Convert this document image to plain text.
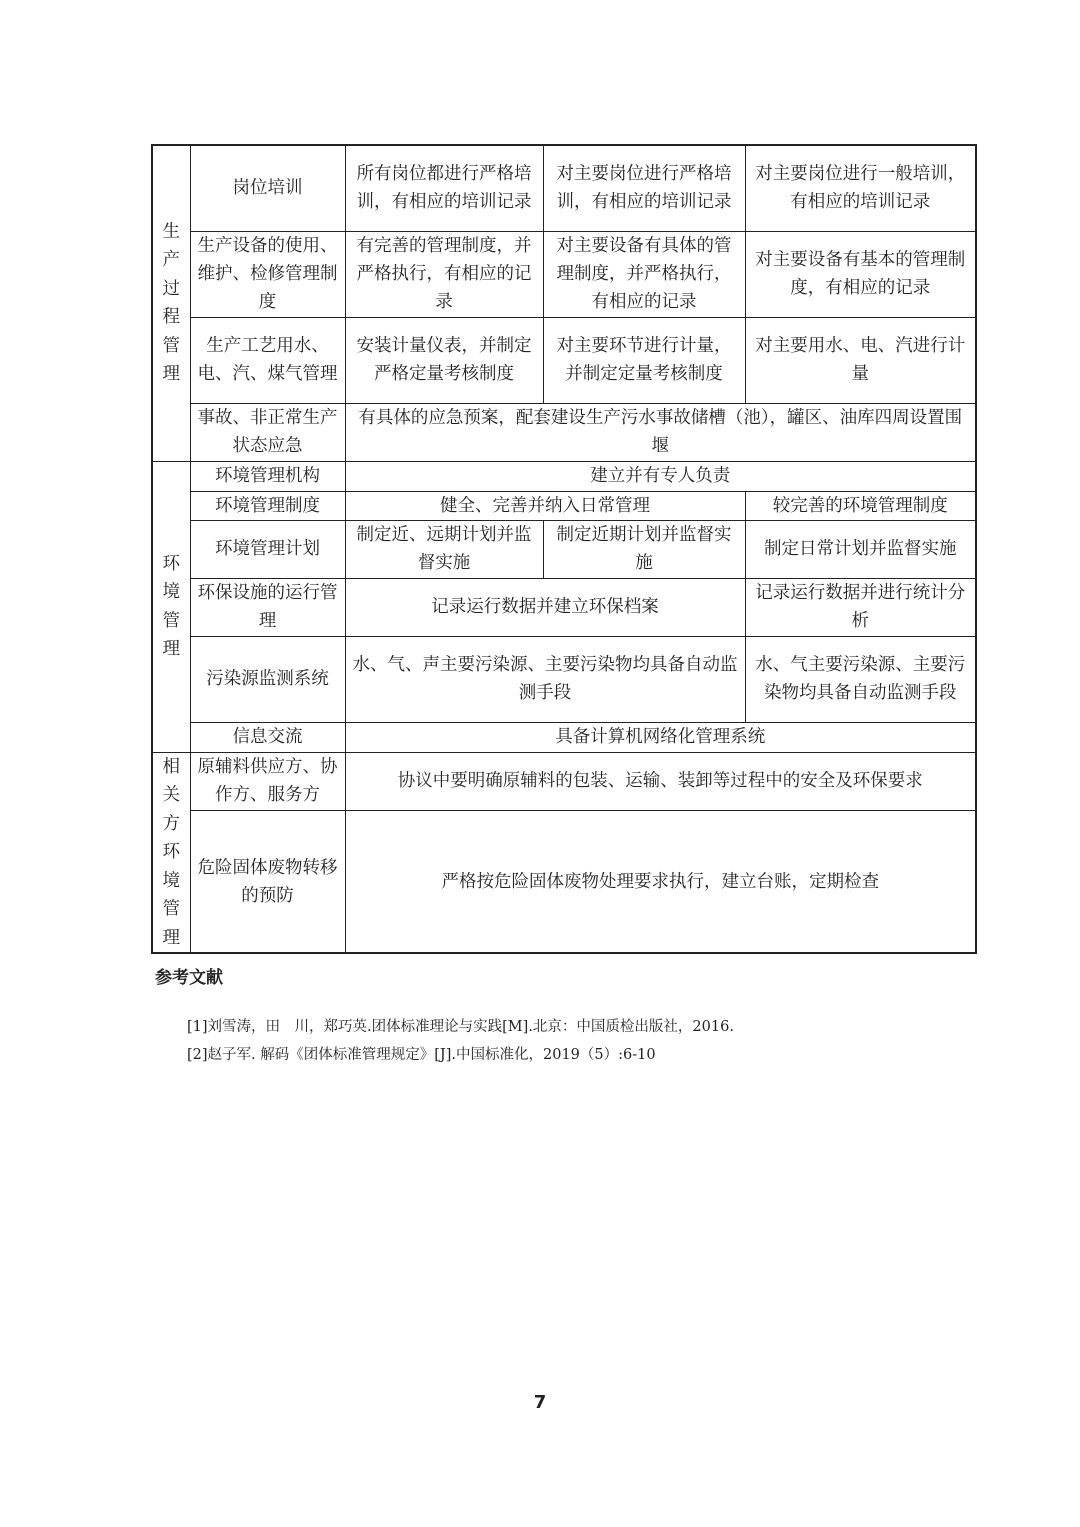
生产过程管理	岗位培训	所有岗位都进行严格培训，有相应的培训记录	对主要岗位进行严格培训，有相应的培训记录	对主要岗位进行一般培训，有相应的培训记录
	生产设备的使用、维护、检修管理制度	有完善的管理制度，并严格执行，有相应的记录	对主要设备有具体的管理制度，并严格执行，有相应的记录	对主要设备有基本的管理制度，有相应的记录
	生产工艺用水、电、汽、煤气管理	安装计量仪表，并制定严格定量考核制度	对主要环节进行计量，并制定定量考核制度	对主要用水、电、汽进行计量
	事故、非正常生产状态应急	有具体的应急预案，配套建设生产污水事故储槽（池），罐区、油库四周设置围堰		

环境管理	环境管理机构	建立并有专人负责		
	环境管理制度	健全、完善并纳入日常管理		较完善的环境管理制度
	环境管理计划	制定近、远期计划并监督实施	制定近期计划并监督实施	制定日常计划并监督实施
	环保设施的运行管理	记录运行数据并建立环保档案		记录运行数据并进行统计分析
	污染源监测系统	水、气、声主要污染源、主要污染物均具备自动监测手段		水、气主要污染源、主要污染物均具备自动监测手段
	信息交流	具备计算机网络化管理系统		

相关方环境管理	原辅料供应方、协作方、服务方	协议中要明确原辅料的包装、运输、装卸等过程中的安全及环保要求		
	危险固体废物转移的预防	严格按危险固体废物处理要求执行，建立台账，定期检查		
参考文献
[1]刘雪涛，田　川，郑巧英.团体标准理论与实践[M].北京：中国质检出版社，2016.
[2]赵子军. 解码《团体标准管理规定》[J].中国标准化，2019（5）:6-10
7
